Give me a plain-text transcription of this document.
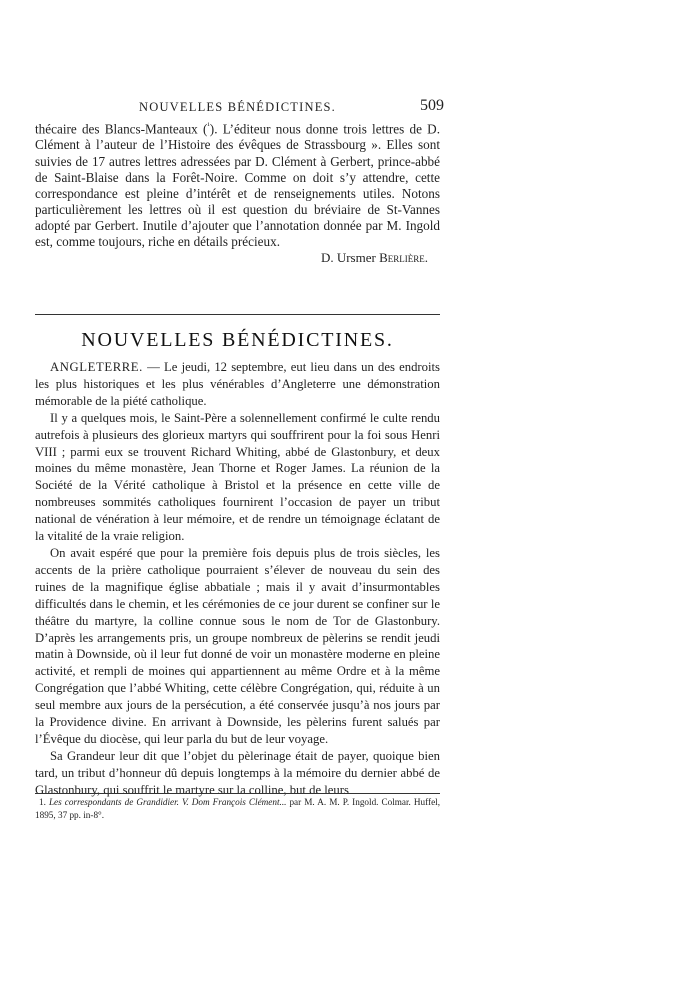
NOUVELLES BÉNÉDICTINES.	509

thécaire des Blancs-Manteaux ($^{^1}$). L’éditeur nous donne trois lettres de D. Clément à l’auteur de l’Histoire des évêques de Strassbourg ». Elles sont suivies de 17 autres lettres adressées par D. Clément à Gerbert, prince-abbé de Saint-Blaise dans la Forêt-Noire. Comme on doit s’y attendre, cette correspondance est pleine d’intérêt et de renseignements utiles. Notons particulièrement les lettres où il est question du bréviaire de St-Vannes adopté par Gerbert. Inutile d’ajouter que l’annotation donnée par M. Ingold est, comme toujours, riche en détails précieux.

D. Ursmer Berlière.

NOUVELLES BÉNÉDICTINES.

ANGLETERRE. — Le jeudi, 12 septembre, eut lieu dans un des endroits les plus historiques et les plus vénérables d’Angleterre une démonstration mémorable de la piété catholique.

Il y a quelques mois, le Saint-Père a solennellement confirmé le culte rendu autrefois à plusieurs des glorieux martyrs qui souffrirent pour la foi sous Henri VIII ; parmi eux se trouvent Richard Whiting, abbé de Glastonbury, et deux moines du même monastère, Jean Thorne et Roger James. La réunion de la Société de la Vérité catholique à Bristol et la présence en cette ville de nombreuses sommités catholiques fournirent l’occasion de payer un tribut national de vénération à leur mémoire, et de rendre un témoignage éclatant de la vitalité de la vraie religion.

On avait espéré que pour la première fois depuis plus de trois siècles, les accents de la prière catholique pourraient s’élever de nouveau du sein des ruines de la magnifique église abbatiale ; mais il y avait d’insurmontables difficultés dans le chemin, et les cérémonies de ce jour durent se confiner sur le théâtre du martyre, la colline connue sous le nom de Tor de Glastonbury. D’après les arrangements pris, un groupe nombreux de pèlerins se rendit jeudi matin à Downside, où il leur fut donné de voir un monastère moderne en pleine activité, et rempli de moines qui appartiennent au même Ordre et à la même Congrégation que l’abbé Whiting, cette célèbre Congrégation, qui, réduite à un seul membre aux jours de la persécution, a été conservée jusqu’à nos jours par la Providence divine. En arrivant à Downside, les pèlerins furent salués par l’Évêque du diocèse, qui leur parla du but de leur voyage.

Sa Grandeur leur dit que l’objet du pèlerinage était de payer, quoique bien tard, un tribut d’honneur dû depuis longtemps à la mémoire du dernier abbé de Glastonbury, qui souffrit le martyre sur la colline, but de leurs

1. Les correspondants de Grandidier. V. Dom François Clément... par M. A. M. P. Ingold. Colmar. Huffel, 1895, 37 pp. in-8°.
